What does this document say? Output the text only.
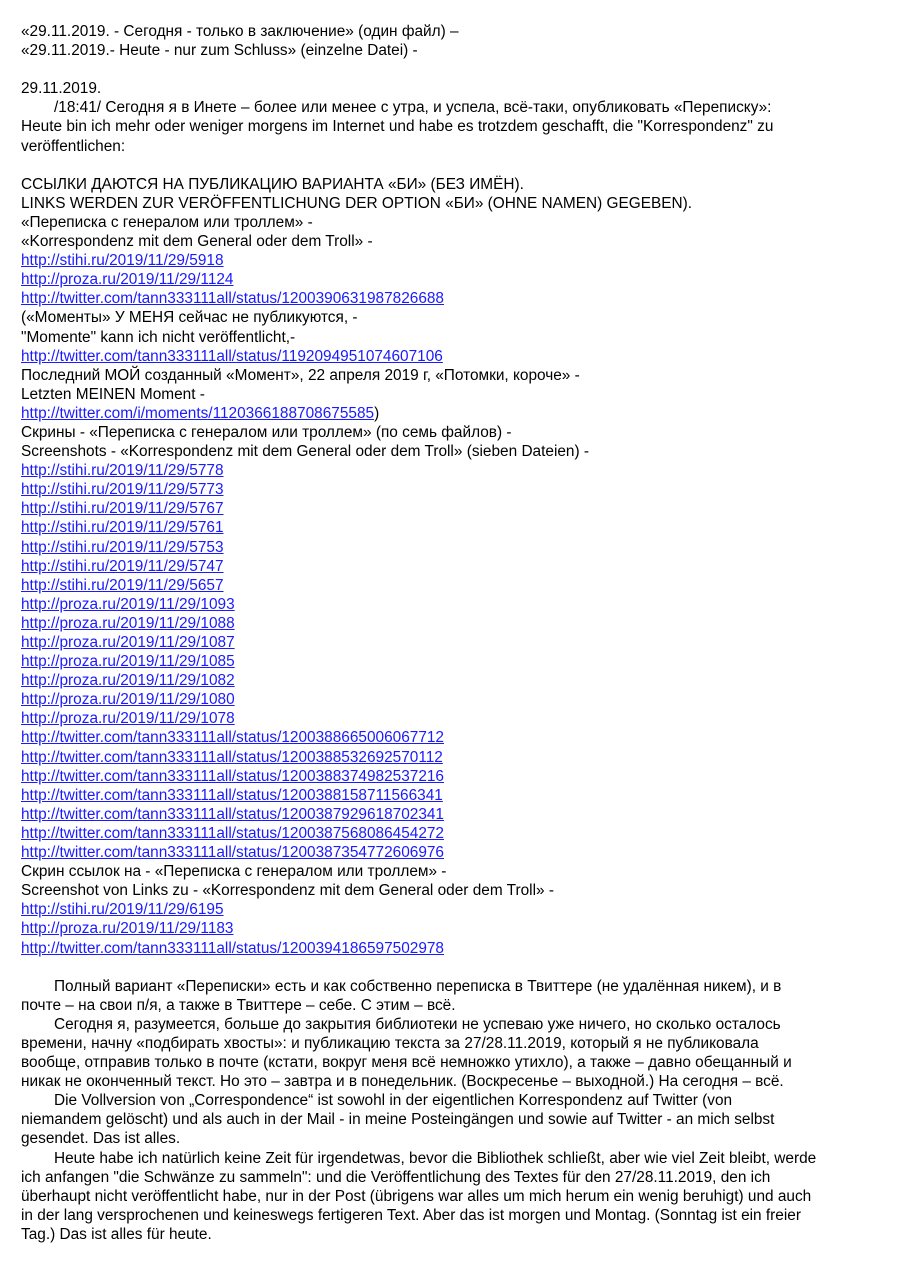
«29.11.2019. - Сегодня - только в заключение» (один файл) –
«29.11.2019.- Heute - nur zum Schluss» (einzelne Datei) -
29.11.2019.
/18:41/ Сегодня я в Инете – более или менее с утра, и успела, всё-таки, опубликовать «Переписку»:
Heute bin ich mehr oder weniger morgens im Internet und habe es trotzdem geschafft, die "Korrespondenz" zu
veröffentlichen:
ССЫЛКИ ДАЮТСЯ НА ПУБЛИКАЦИЮ ВАРИАНТА «БИ» (БЕЗ ИМЁН).
LINKS WERDEN ZUR VERÖFFENTLICHUNG DER OPTION «БИ» (OHNE NAMEN) GEGEBEN).
«Переписка с генералом или троллем» -
«Korrespondenz mit dem General oder dem Troll» -
http://stihi.ru/2019/11/29/5918
http://proza.ru/2019/11/29/1124
http://twitter.com/tann333111all/status/1200390631987826688
(«Моменты» У МЕНЯ сейчас не публикуются, -
"Momente" kann ich nicht veröffentlicht,-
http://twitter.com/tann333111all/status/1192094951074607106
Последний МОЙ созданный «Момент», 22 апреля 2019 г, «Потомки, короче» -
Letzten MEINEN Moment -
http://twitter.com/i/moments/1120366188708675585)
Скрины - «Переписка с генералом или троллем» (по семь файлов) -
Screenshots - «Korrespondenz mit dem General oder dem Troll» (sieben Dateien) -
http://stihi.ru/2019/11/29/5778
http://stihi.ru/2019/11/29/5773
http://stihi.ru/2019/11/29/5767
http://stihi.ru/2019/11/29/5761
http://stihi.ru/2019/11/29/5753
http://stihi.ru/2019/11/29/5747
http://stihi.ru/2019/11/29/5657
http://proza.ru/2019/11/29/1093
http://proza.ru/2019/11/29/1088
http://proza.ru/2019/11/29/1087
http://proza.ru/2019/11/29/1085
http://proza.ru/2019/11/29/1082
http://proza.ru/2019/11/29/1080
http://proza.ru/2019/11/29/1078
http://twitter.com/tann333111all/status/1200388665006067712
http://twitter.com/tann333111all/status/1200388532692570112
http://twitter.com/tann333111all/status/1200388374982537216
http://twitter.com/tann333111all/status/1200388158711566341
http://twitter.com/tann333111all/status/1200387929618702341
http://twitter.com/tann333111all/status/1200387568086454272
http://twitter.com/tann333111all/status/1200387354772606976
Скрин ссылок на - «Переписка с генералом или троллем» -
Screenshot von Links zu - «Korrespondenz mit dem General oder dem Troll» -
http://stihi.ru/2019/11/29/6195
http://proza.ru/2019/11/29/1183
http://twitter.com/tann333111all/status/1200394186597502978
Полный вариант «Переписки» есть и как собственно переписка в Твиттере (не удалённая никем), и в
почте – на свои п/я, а также в Твиттере – себе. С этим – всё.
Сегодня я, разумеется, больше до закрытия библиотеки не успеваю уже ничего, но сколько осталось
времени, начну «подбирать хвосты»: и публикацию текста за 27/28.11.2019, который я не публиковала
вообще, отправив только в почте (кстати, вокруг меня всё немножко утихло), а также – давно обещанный и
никак не оконченный текст. Но это – завтра и в понедельник. (Воскресенье – выходной.) На сегодня – всё.
Die Vollversion von „Correspondence“ ist sowohl in der eigentlichen Korrespondenz auf Twitter (von
niemandem gelöscht) und als auch in der Mail - in meine Posteingängen und sowie auf Twitter - an mich selbst
gesendet. Das ist alles.
Heute habe ich natürlich keine Zeit für irgendetwas, bevor die Bibliothek schließt, aber wie viel Zeit bleibt, werde
ich anfangen "die Schwänze zu sammeln": und die Veröffentlichung des Textes für den 27/28.11.2019, den ich
überhaupt nicht veröffentlicht habe, nur in der Post (übrigens war alles um mich herum ein wenig beruhigt) und auch
in der lang versprochenen und keineswegs fertigeren Text. Aber das ist morgen und Montag. (Sonntag ist ein freier
Tag.) Das ist alles für heute.
